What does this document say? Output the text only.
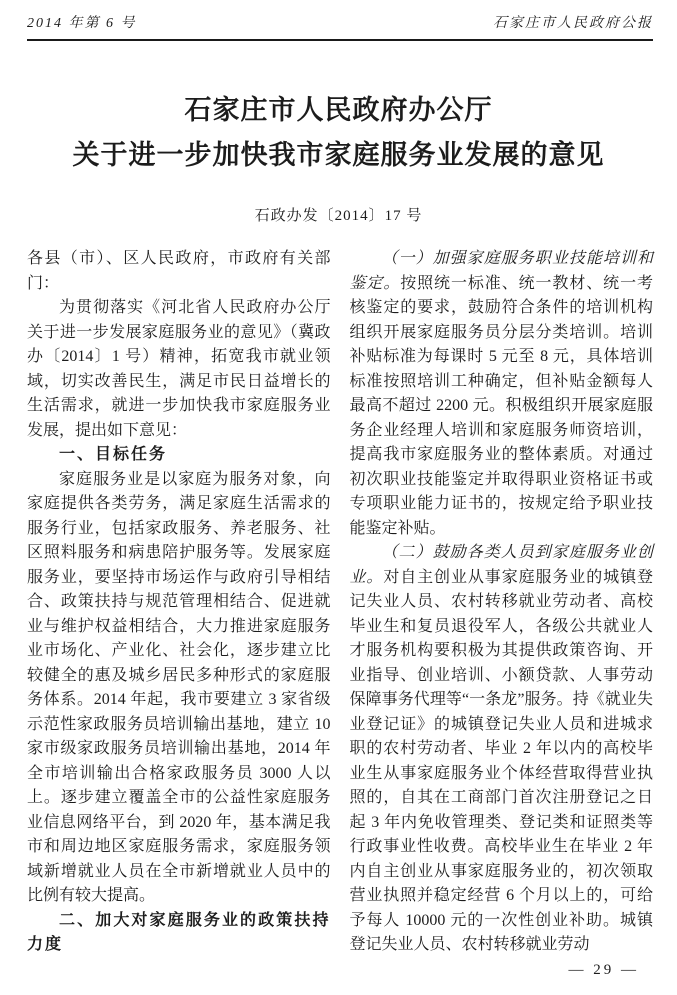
2014 年第 6 号	石家庄市人民政府公报
石家庄市人民政府办公厅
关于进一步加快我市家庭服务业发展的意见
石政办发〔2014〕17 号

各县（市）、区人民政府，市政府有关部门：

为贯彻落实《河北省人民政府办公厅关于进一步发展家庭服务业的意见》（冀政办〔2014〕1 号）精神，拓宽我市就业领域，切实改善民生，满足市民日益增长的生活需求，就进一步加快我市家庭服务业发展，提出如下意见：

一、目标任务

家庭服务业是以家庭为服务对象，向家庭提供各类劳务，满足家庭生活需求的服务行业，包括家政服务、养老服务、社区照料服务和病患陪护服务等。发展家庭服务业，要坚持市场运作与政府引导相结合、政策扶持与规范管理相结合、促进就业与维护权益相结合，大力推进家庭服务业市场化、产业化、社会化，逐步建立比较健全的惠及城乡居民多种形式的家庭服务体系。2014 年起，我市要建立 3 家省级示范性家政服务员培训输出基地，建立 10 家市级家政服务员培训输出基地，2014 年全市培训输出合格家政服务员 3000 人以上。逐步建立覆盖全市的公益性家庭服务业信息网络平台，到 2020 年，基本满足我市和周边地区家庭服务需求，家庭服务领域新增就业人员在全市新增就业人员中的比例有较大提高。

二、加大对家庭服务业的政策扶持力度

（一）加强家庭服务职业技能培训和鉴定。按照统一标准、统一教材、统一考核鉴定的要求，鼓励符合条件的培训机构组织开展家庭服务员分层分类培训。培训补贴标准为每课时 5 元至 8 元，具体培训标准按照培训工种确定，但补贴金额每人最高不超过 2200 元。积极组织开展家庭服务企业经理人培训和家庭服务师资培训，提高我市家庭服务业的整体素质。对通过初次职业技能鉴定并取得职业资格证书或专项职业能力证书的，按规定给予职业技能鉴定补贴。

（二）鼓励各类人员到家庭服务业创业。对自主创业从事家庭服务业的城镇登记失业人员、农村转移就业劳动者、高校毕业生和复员退役军人，各级公共就业人才服务机构要积极为其提供政策咨询、开业指导、创业培训、小额贷款、人事劳动保障事务代理等“一条龙”服务。持《就业失业登记证》的城镇登记失业人员和进城求职的农村劳动者、毕业 2 年以内的高校毕业生从事家庭服务业个体经营取得营业执照的，自其在工商部门首次注册登记之日起 3 年内免收管理类、登记类和证照类等行政事业性收费。高校毕业生在毕业 2 年内自主创业从事家庭服务业的，初次领取营业执照并稳定经营 6 个月以上的，可给予每人 10000 元的一次性创业补助。城镇登记失业人员、农村转移就业劳动

— 29 —
